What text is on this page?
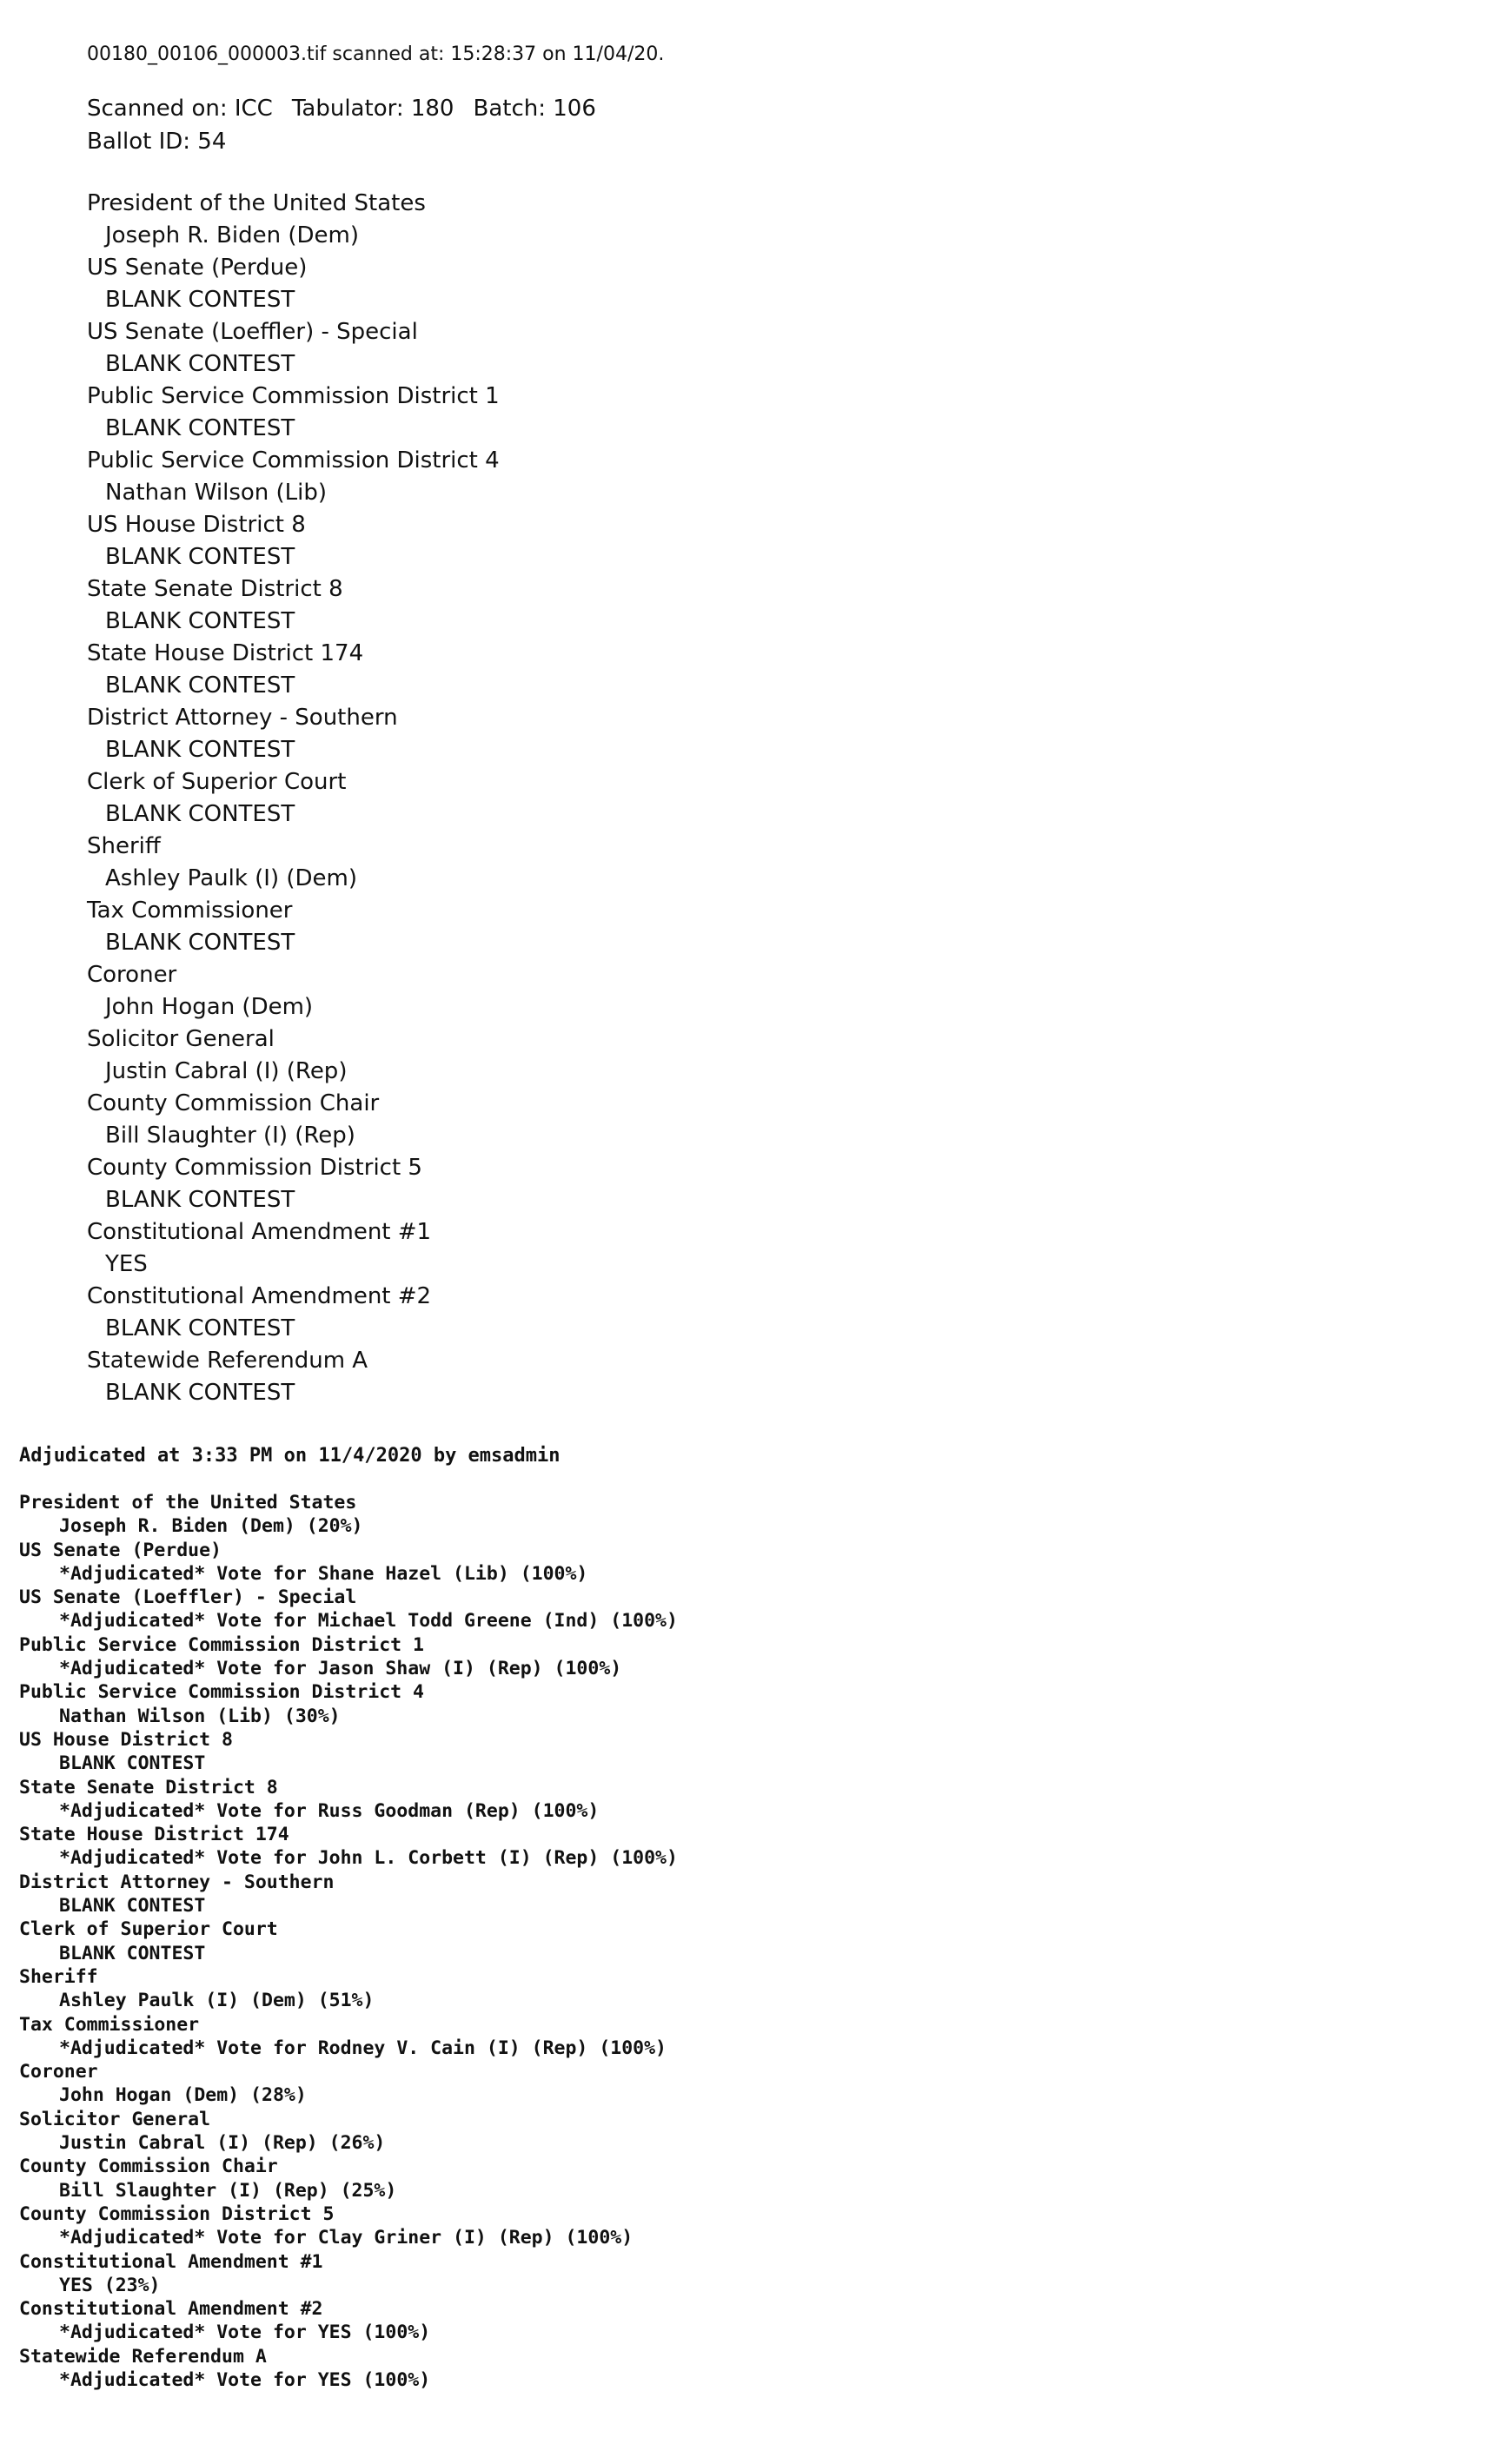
00180_00106_000003.tif scanned at: 15:28:37 on 11/04/20.
Scanned on: ICC Tabulator: 180 Batch: 106
Ballot ID: 54
President of the United States
Joseph R. Biden (Dem)
US Senate (Perdue)
BLANK CONTEST
US Senate (Loeffler) - Special
BLANK CONTEST
Public Service Commission District 1
BLANK CONTEST
Public Service Commission District 4
Nathan Wilson (Lib)
US House District 8
BLANK CONTEST
State Senate District 8
BLANK CONTEST
State House District 174
BLANK CONTEST
District Attorney - Southern
BLANK CONTEST
Clerk of Superior Court
BLANK CONTEST
Sheriff
Ashley Paulk (I) (Dem)
Tax Commissioner
BLANK CONTEST
Coroner
John Hogan (Dem)
Solicitor General
Justin Cabral (I) (Rep)
County Commission Chair
Bill Slaughter (I) (Rep)
County Commission District 5
BLANK CONTEST
Constitutional Amendment #1
YES
Constitutional Amendment #2
BLANK CONTEST
Statewide Referendum A
BLANK CONTEST
Adjudicated at 3:33 PM on 11/4/2020 by emsadmin
President of the United States
Joseph R. Biden (Dem) (20%)
US Senate (Perdue)
*Adjudicated* Vote for Shane Hazel (Lib) (100%)
US Senate (Loeffler) - Special
*Adjudicated* Vote for Michael Todd Greene (Ind) (100%)
Public Service Commission District 1
*Adjudicated* Vote for Jason Shaw (I) (Rep) (100%)
Public Service Commission District 4
Nathan Wilson (Lib) (30%)
US House District 8
BLANK CONTEST
State Senate District 8
*Adjudicated* Vote for Russ Goodman (Rep) (100%)
State House District 174
*Adjudicated* Vote for John L. Corbett (I) (Rep) (100%)
District Attorney - Southern
BLANK CONTEST
Clerk of Superior Court
BLANK CONTEST
Sheriff
Ashley Paulk (I) (Dem) (51%)
Tax Commissioner
*Adjudicated* Vote for Rodney V. Cain (I) (Rep) (100%)
Coroner
John Hogan (Dem) (28%)
Solicitor General
Justin Cabral (I) (Rep) (26%)
County Commission Chair
Bill Slaughter (I) (Rep) (25%)
County Commission District 5
*Adjudicated* Vote for Clay Griner (I) (Rep) (100%)
Constitutional Amendment #1
YES (23%)
Constitutional Amendment #2
*Adjudicated* Vote for YES (100%)
Statewide Referendum A
*Adjudicated* Vote for YES (100%)
